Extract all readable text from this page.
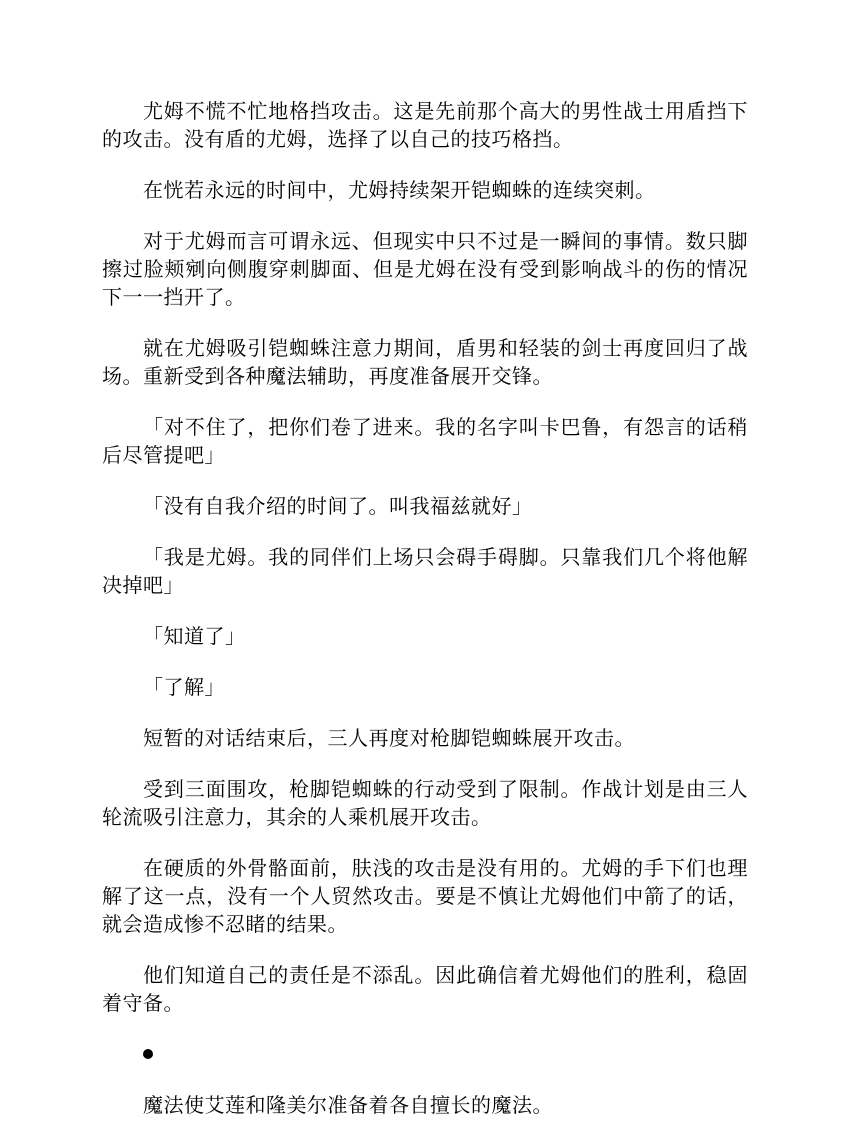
尤姆不慌不忙地格挡攻击。这是先前那个高大的男性战士用盾挡下的攻击。没有盾的尤姆，选择了以自己的技巧格挡。

在恍若永远的时间中，尤姆持续架开铠蜘蛛的连续突刺。

对于尤姆而言可谓永远、但现实中只不过是一瞬间的事情。数只脚擦过脸颊剜向侧腹穿刺脚面、但是尤姆在没有受到影响战斗的伤的情况下一一挡开了。

就在尤姆吸引铠蜘蛛注意力期间，盾男和轻装的剑士再度回归了战场。重新受到各种魔法辅助，再度准备展开交锋。

「对不住了，把你们卷了进来。我的名字叫卡巴鲁，有怨言的话稍后尽管提吧」

「没有自我介绍的时间了。叫我福兹就好」

「我是尤姆。我的同伴们上场只会碍手碍脚。只靠我们几个将他解决掉吧」

「知道了」

「了解」

短暂的对话结束后，三人再度对枪脚铠蜘蛛展开攻击。

受到三面围攻，枪脚铠蜘蛛的行动受到了限制。作战计划是由三人轮流吸引注意力，其余的人乘机展开攻击。

在硬质的外骨骼面前，肤浅的攻击是没有用的。尤姆的手下们也理解了这一点，没有一个人贸然攻击。要是不慎让尤姆他们中箭了的话，就会造成惨不忍睹的结果。

他们知道自己的责任是不添乱。因此确信着尤姆他们的胜利，稳固着守备。

魔法使艾莲和隆美尔准备着各自擅长的魔法。
